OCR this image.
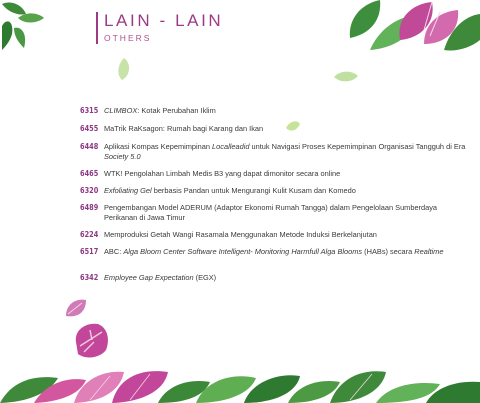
LAIN - LAIN
OTHERS
6315 CLIMBOX: Kotak Perubahan Iklim
6455 MaTrik RaKsagon: Rumah bagi Karang dan Ikan
6448 Aplikasi Kompas Kepemimpinan Localleadid untuk Navigasi Proses Kepemimpinan Organisasi Tangguh di Era Society 5.0
6465 WTK! Pengolahan Limbah Medis B3 yang dapat dimonitor secara online
6320 Exfoliating Gel berbasis Pandan untuk Mengurangi Kulit Kusam dan Komedo
6489 Pengembangan Model ADERUM (Adaptor Ekonomi Rumah Tangga) dalam Pengelolaan Sumberdaya Perikanan di Jawa Timur
6224 Memproduksi Getah Wangi Rasamala Menggunakan Metode Induksi Berkelanjutan
6517 ABC: Alga Bloom Center Software Intelligent- Monitoring Harmfull Alga Blooms (HABs) secara Realtime
6342 Employee Gap Expectation (EGX)
